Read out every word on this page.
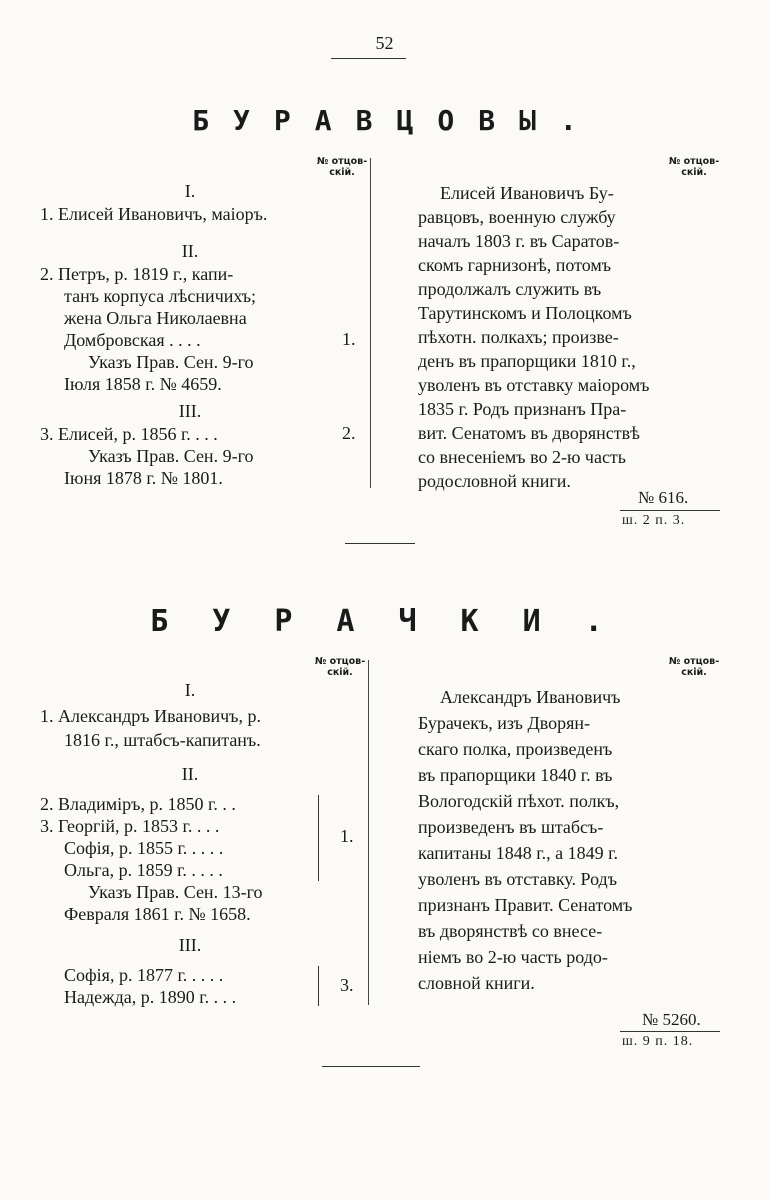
52
БУРАВЦОВЫ.
№ отцов-скій.
№ отцов-скій.
I.
1. Елисей Ивановичъ, маіоръ.
II.
2. Петръ, р. 1819 г., капи-
танъ корпуса лѣсничихъ;
жена Ольга Николаевна
Домбровская . . . .	1.
Указъ Прав. Сен. 9-го
Іюля 1858 г. № 4659.
III.
3. Елисей, р. 1856 г. . . .	2.
Указъ Прав. Сен. 9-го
Іюня 1878 г. № 1801.
Елисей Ивановичъ Бу-
равцовъ, военную службу
началъ 1803 г. въ Саратов-
скомъ гарнизонѣ, потомъ
продолжалъ служить въ
Тарутинскомъ и Полоцкомъ
пѣхотн. полкахъ; произве-
денъ въ прапорщики 1810 г.,
уволенъ въ отставку маіоромъ
1835 г. Родъ признанъ Пра-
вит. Сенатомъ въ дворянствѣ
со внесеніемъ во 2-ю часть
родословной книги.
№ 616.
ш. 2 п. 3.
БУРАЧКИ.
№ отцов-скій.
№ отцов-скій.
I.
1. Александръ Ивановичъ, р.
1816 г., штабсъ-капитанъ.
II.
2. Владиміръ, р. 1850 г. . .
3. Георгій, р. 1853 г. . . .
Софія, р. 1855 г. . . . .
Ольга, р. 1859 г. . . . .
1.
Указъ Прав. Сен. 13-го
Февраля 1861 г. № 1658.
III.
Софія, р. 1877 г. . . . .
Надежда, р. 1890 г. . . .
3.
Александръ Ивановичъ
Бурачекъ, изъ Дворян-
скаго полка, произведенъ
въ прапорщики 1840 г. въ
Вологодскій пѣхот. полкъ,
произведенъ въ штабсъ-
капитаны 1848 г., а 1849 г.
уволенъ въ отставку. Родъ
признанъ Правит. Сенатомъ
въ дворянствѣ со внесе-
ніемъ во 2-ю часть родо-
словной книги.
№ 5260.
ш. 9 п. 18.
